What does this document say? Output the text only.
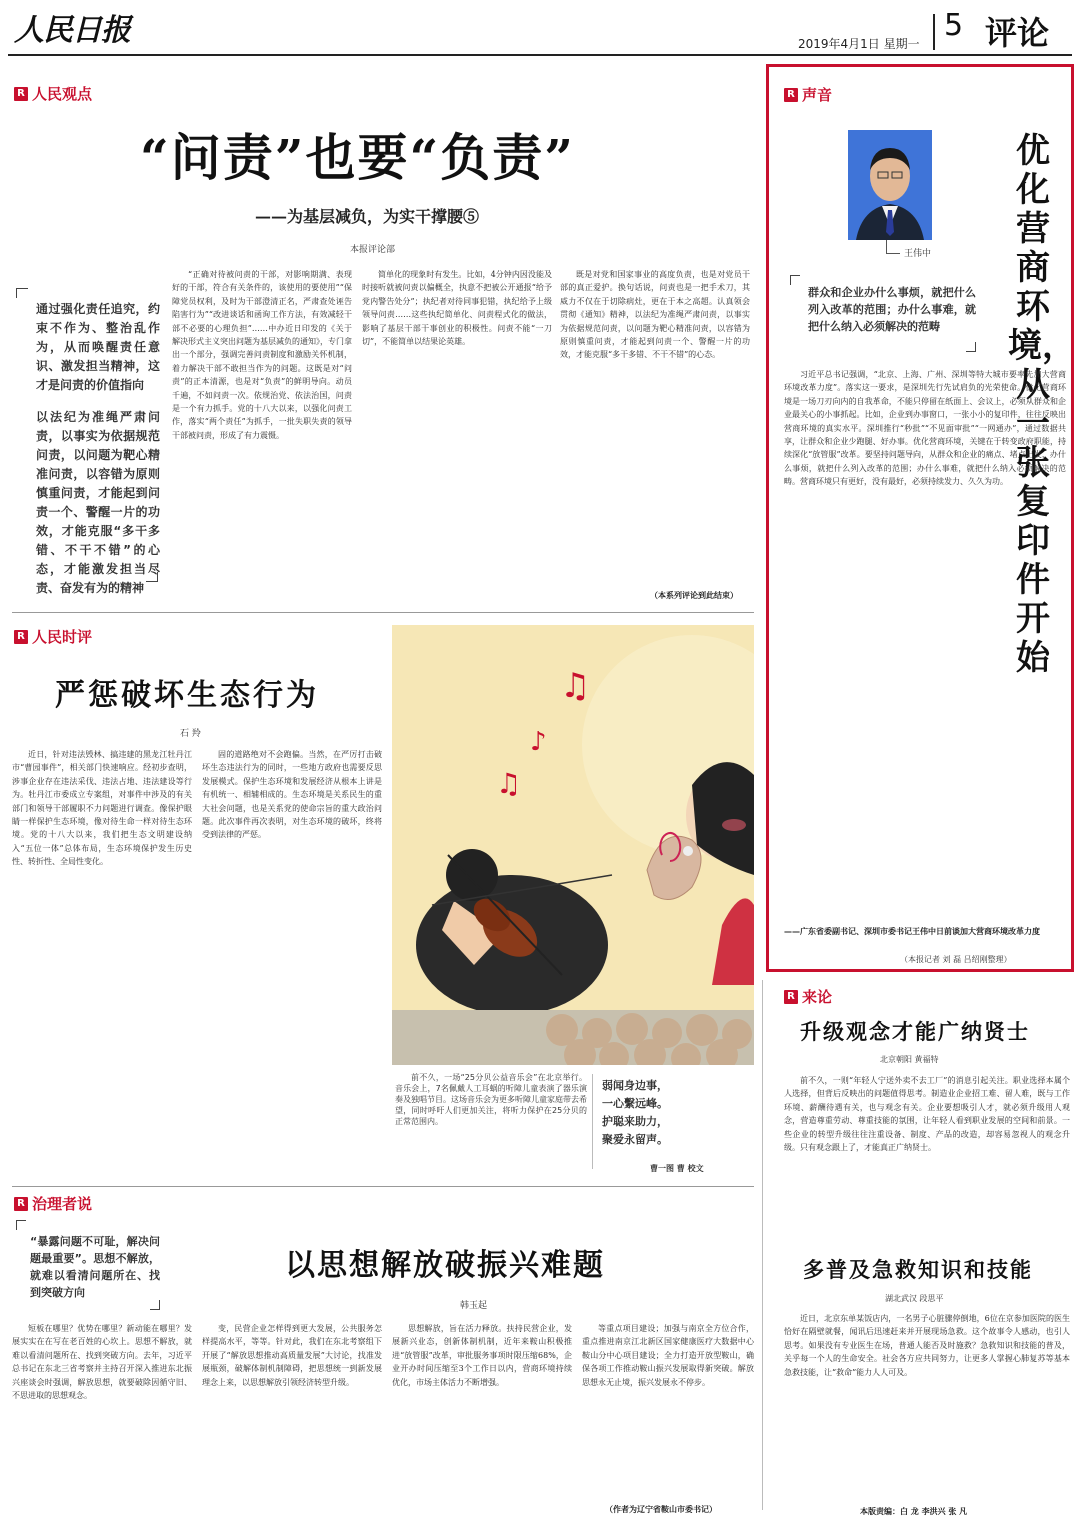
人民日报	2019年4月1日 星期一
5 评论
R 人民观点
“问责”也要“负责”
——为基层减负，为实干撑腰⑤
本报评论部
通过强化责任追究，约束不作为、整治乱作为，从而唤醒责任意识、激发担当精神，这才是问责的价值指向
以法纪为准绳严肃问责，以事实为依据规范问责，以问题为靶心精准问责，以容错为原则慎重问责，才能起到问责一个、警醒一片的功效，才能克服“多干多错、不干不错”的心态，才能激发担当尽责、奋发有为的精神

“正确对待被问责的干部，对影响期满、表现好的干部，符合有关条件的，该使用的要使用”“保障党员权利，及时为干部澄清正名，严肃查处诬告陷害行为”“改进谈话和函询工作方法，有效减轻干部不必要的心理负担”……中办近日印发的《关于解决形式主义突出问题为基层减负的通知》，专门拿出一个部分，强调完善问责制度和激励关怀机制，着力解决干部不敢担当作为的问题。这既是对“问责”的正本清源，也是对“负责”的鲜明导向。动员千遍，不如问责一次。依规治党、依法治国，问责是一个有力抓手。党的十八大以来，以强化问责工作，落实“两个责任”为抓手，一批失职失责的领导干部被问责，形成了有力震慑。

简单化的现象时有发生。比如，4分钟内因没能及时接听就被问责以偏概全，执意不把被公开通报“给予党内警告处分”；执纪者对待同事犯错，执纪给予上级领导问责……这些执纪简单化、问责程式化的做法，影响了基层干部干事创业的积极性。问责不能“一刀切”，不能简单以结果论英雄。

既是对党和国家事业的高度负责，也是对党员干部的真正爱护。换句话说，问责也是一把手术刀，其威力不仅在于切除病灶，更在于本之高超。认真领会贯彻《通知》精神，以法纪为准绳严肃问责，以事实为依据规范问责，以问题为靶心精准问责，以容错为原则慎重问责，才能起到问责一个、警醒一片的功效，才能克服“多干多错、不干不错”的心态。

（本系列评论到此结束）
R 人民时评
严惩破坏生态行为
石 羚

近日，针对违法毁林、搞违建的黑龙江牡丹江市“曹园事件”，相关部门快速响应。经初步查明，涉事企业存在违法采伐、违法占地、违法建设等行为。牡丹江市委成立专案组，对事件中涉及的有关部门和领导干部履职不力问题进行调查。像保护眼睛一样保护生态环境，像对待生命一样对待生态环境。党的十八大以来，我们把生态文明建设纳入“五位一体”总体布局，生态环境保护发生历史性、转折性、全局性变化。

固的道路绝对不会跑偏。当然，在严厉打击破坏生态违法行为的同时，一些地方政府也需要反思发展模式。保护生态环境和发展经济从根本上讲是有机统一、相辅相成的。生态环境是关系民生的重大社会问题，也是关系党的使命宗旨的重大政治问题。此次事件再次表明，对生态环境的破坏，终将受到法律的严惩。

♫
♪
♫

前不久，一场“25分贝公益音乐会”在北京举行。音乐会上，7名佩戴人工耳蜗的听障儿童表演了器乐演奏及独唱节目。这场音乐会为更多听障儿童家庭带去希望，同时呼吁人们更加关注，将听力保护在25分贝的正常范围内。

弱闻身边事，一心繫远峰。护聪来助力，聚爱永留声。
曹一图 曹 校文
R 治理者说
以思想解放破振兴难题
韩玉起
“暴露问题不可耻，解决问题最重要”。思想不解放，就难以看清问题所在、找到突破方向

短板在哪里？优势在哪里？新动能在哪里？发展实实在在写在老百姓的心坎上。思想不解放，就难以看清问题所在、找到突破方向。去年，习近平总书记在东北三省考察并主持召开深入推进东北振兴座谈会时强调，解放思想，就要破除因循守旧、不思进取的思想观念。

变，民营企业怎样得到更大发展，公共服务怎样提高水平，等等。针对此，我们在东北考察组下开展了“解放思想推动高质量发展”大讨论，找准发展瓶颈，破解体制机制障碍，把思想统一到新发展理念上来，以思想解放引领经济转型升级。

思想解放，旨在活力释放。扶持民营企业，发展新兴业态，创新体制机制，近年来鞍山积极推进“放管服”改革，审批服务事项时限压缩68%，企业开办时间压缩至3个工作日以内，营商环境持续优化，市场主体活力不断增强。

等重点项目建设；加强与南京全方位合作，重点推进南京江北新区国家健康医疗大数据中心鞍山分中心项目建设；全力打造开放型鞍山，确保各项工作推动鞍山振兴发展取得新突破。解放思想永无止境，振兴发展永不停步。

（作者为辽宁省鞍山市委书记）
R 声音
王伟中
优化营商环境，从一张复印件开始
群众和企业办什么事烦，就把什么列入改革的范围；办什么事难，就把什么纳入必须解决的范畴

习近平总书记强调，“北京、上海、广州、深圳等特大城市要率先加大营商环境改革力度”。落实这一要求，是深圳先行先试肩负的光荣使命。优化营商环境是一场刀刃向内的自我革命，不能只停留在纸面上、会议上，必须从群众和企业最关心的小事抓起。比如，企业到办事窗口，一张小小的复印件，往往反映出营商环境的真实水平。深圳推行“秒批”“不见面审批”“一网通办”，通过数据共享，让群众和企业少跑腿、好办事。优化营商环境，关键在于转变政府职能，持续深化“放管服”改革。要坚持问题导向，从群众和企业的痛点、堵点出发，办什么事烦，就把什么列入改革的范围；办什么事难，就把什么纳入必须解决的范畴。营商环境只有更好，没有最好，必须持续发力、久久为功。

——广东省委副书记、深圳市委书记王伟中日前谈加大营商环境改革力度
（本报记者 刘 磊 吕绍刚整理）
R 来论
升级观念才能广纳贤士
北京朝阳 黄福特

前不久，一则“年轻人宁送外卖不去工厂”的消息引起关注。职业选择本属个人选择，但背后反映出的问题值得思考。制造业企业招工难、留人难，既与工作环境、薪酬待遇有关，也与观念有关。企业要想吸引人才，就必须升级用人观念，营造尊重劳动、尊重技能的氛围，让年轻人看到职业发展的空间和前景。一些企业的转型升级往往注重设备、制度、产品的改造，却容易忽视人的观念升级。只有观念跟上了，才能真正广纳贤士。

多普及急救知识和技能
湖北武汉 段思平

近日，北京东单某饭店内，一名男子心脏骤停倒地，6位在京参加医院的医生恰好在隔壁就餐，闻讯后迅速赶来并开展现场急救。这个故事令人感动，也引人思考。如果没有专业医生在场，普通人能否及时施救？急救知识和技能的普及，关乎每一个人的生命安全。社会各方应共同努力，让更多人掌握心肺复苏等基本急救技能，让“救命”能力人人可及。

本版责编：白 龙 李洪兴 张 凡
